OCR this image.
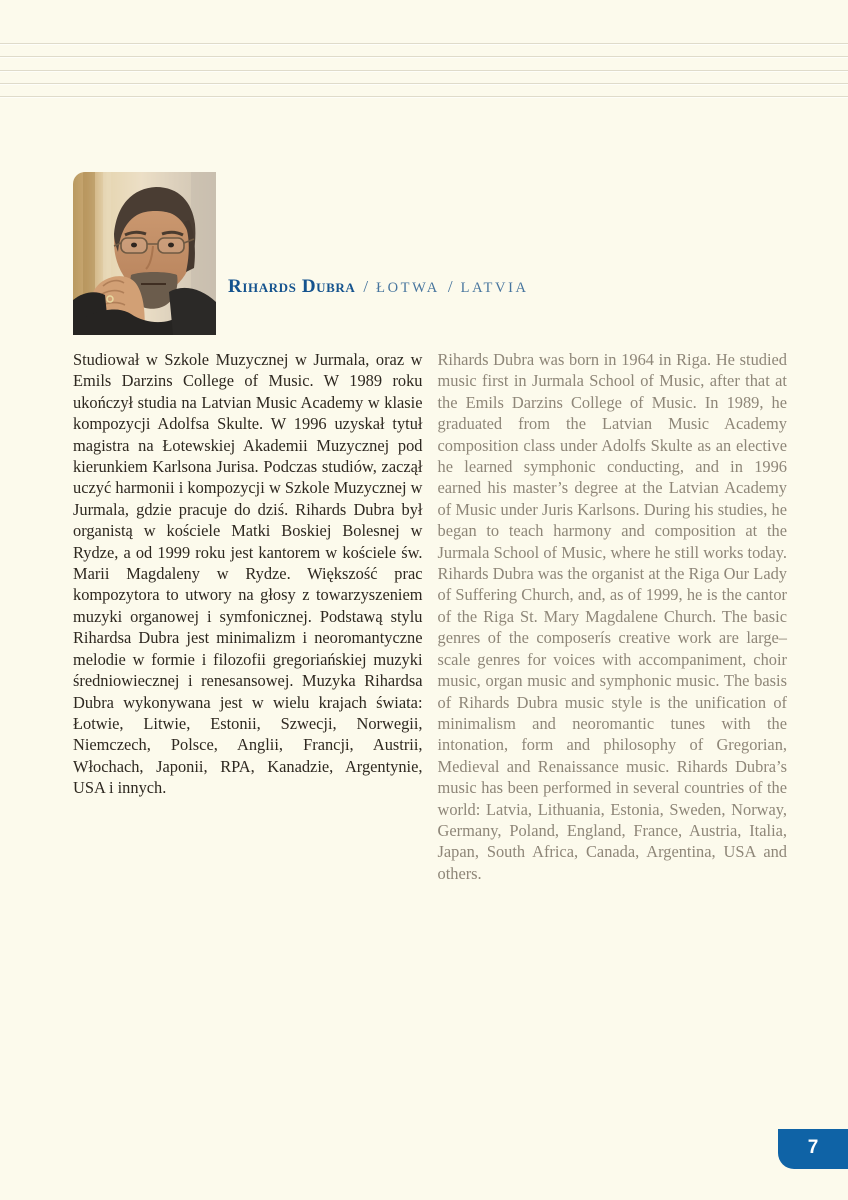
Rihards Dubra / ŁOTWA / LATVIA

Studiował w Szkole Muzycznej w Jurmala, oraz w Emils Darzins College of Music. W 1989 roku ukończył studia na Latvian Music Academy w klasie kompozycji Adolfsa Skulte. W 1996 uzyskał tytuł magistra na Łotewskiej Akademii Muzycznej pod kierunkiem Karlsona Jurisa. Podczas studiów, zaczął uczyć harmonii i kompozycji w Szkole Muzycznej w Jurmala, gdzie pracuje do dziś. Rihards Dubra był organistą w kościele Matki Boskiej Bolesnej w Rydze, a od 1999 roku jest kantorem w kościele św. Marii Magdaleny w Rydze. Większość prac kompozytora to utwory na głosy z towarzyszeniem muzyki organowej i symfonicznej. Podstawą stylu Rihardsa Dubra jest minimalizm i neoromantyczne melodie w formie i filozofii gregoriańskiej muzyki średniowiecznej i renesansowej. Muzyka Rihardsa Dubra wykonywana jest w wielu krajach świata: Łotwie, Litwie, Estonii, Szwecji, Norwegii, Niemczech, Polsce, Anglii, Francji, Austrii, Włochach, Japonii, RPA, Kanadzie, Argentynie, USA i innych.

Rihards Dubra was born in 1964 in Riga. He studied music first in Jurmala School of Music, after that at the Emils Darzins College of Music. In 1989, he graduated from the Latvian Music Academy composition class under Adolfs Skulte as an elective he learned symphonic conducting, and in 1996 earned his master’s degree at the Latvian Academy of Music under Juris Karlsons. During his studies, he began to teach harmony and composition at the Jurmala School of Music, where he still works today. Rihards Dubra was the organist at the Riga Our Lady of Suffering Church, and, as of 1999, he is the cantor of the Riga St. Mary Magdalene Church. The basic genres of the composerís creative work are large–scale genres for voices with accompaniment, choir music, organ music and symphonic music. The basis of Rihards Dubra music style is the unification of minimalism and neoromantic tunes with the intonation, form and philosophy of Gregorian, Medieval and Renaissance music. Rihards Dubra’s music has been performed in several countries of the world: Latvia, Lithuania, Estonia, Sweden, Norway, Germany, Poland, England, France, Austria, Italia, Japan, South Africa, Canada, Argentina, USA and others.

7
